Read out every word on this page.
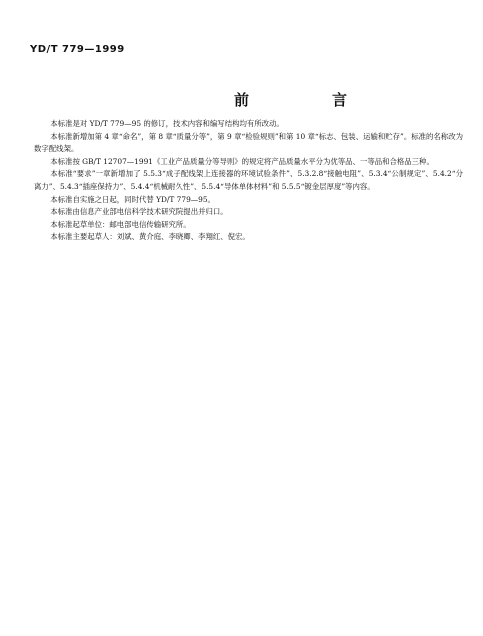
YD/T 779—1999
前　言

本标准是对 YD/T 779—95 的修订，技术内容和编写结构均有所改动。

本标准新增加第 4 章“命名”，第 8 章“质量分等”，第 9 章“检验规则”和第 10 章“标志、包装、运输和贮存”。标准的名称改为数字配线架。

本标准按 GB/T 12707—1991《工业产品质量分等导则》的规定将产品质量水平分为优等品、一等品和合格品三种。

本标准“要求”一章新增加了 5.5.3“成子配线架上连接器的环境试验条件”、5.3.2.8“接触电阻”、5.3.4“公制规定”、5.4.2“分离力”、5.4.3“插座保持力”、5.4.4“机械耐久性”、5.5.4“导体单体材料”和 5.5.5“镀金层厚度”等内容。

本标准自实施之日起，同时代替 YD/T 779—95。

本标准由信息产业部电信科学技术研究院提出并归口。

本标准起草单位：邮电部电信传输研究所。

本标准主要起草人：刘斌、黄介庭、李晓卿、李翔红、倪宏。
